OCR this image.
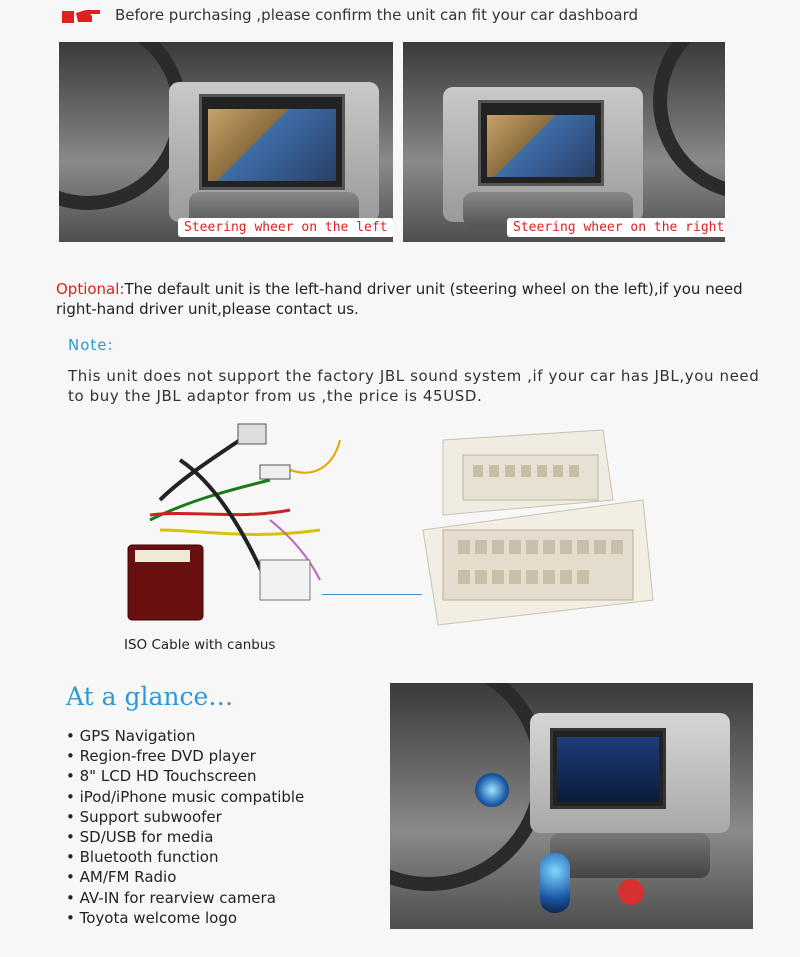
Before purchasing ,please confirm the unit can fit your car dashboard
Steering wheer on the left	Steering wheer on the right
Optional:The default unit is the left-hand driver unit (steering wheel on the left),if you need right-hand driver unit,please contact us.
Note:
This unit does not support the factory JBL sound system ,if your car has JBL,you need to buy the JBL adaptor from us ,the price is 45USD.
ISO Cable with canbus
At a glance…
• GPS Navigation
• Region-free DVD player
• 8" LCD HD Touchscreen
• iPod/iPhone music compatible
• Support subwoofer
• SD/USB for media
• Bluetooth function
• AM/FM Radio
• AV-IN for rearview camera
• Toyota welcome logo
